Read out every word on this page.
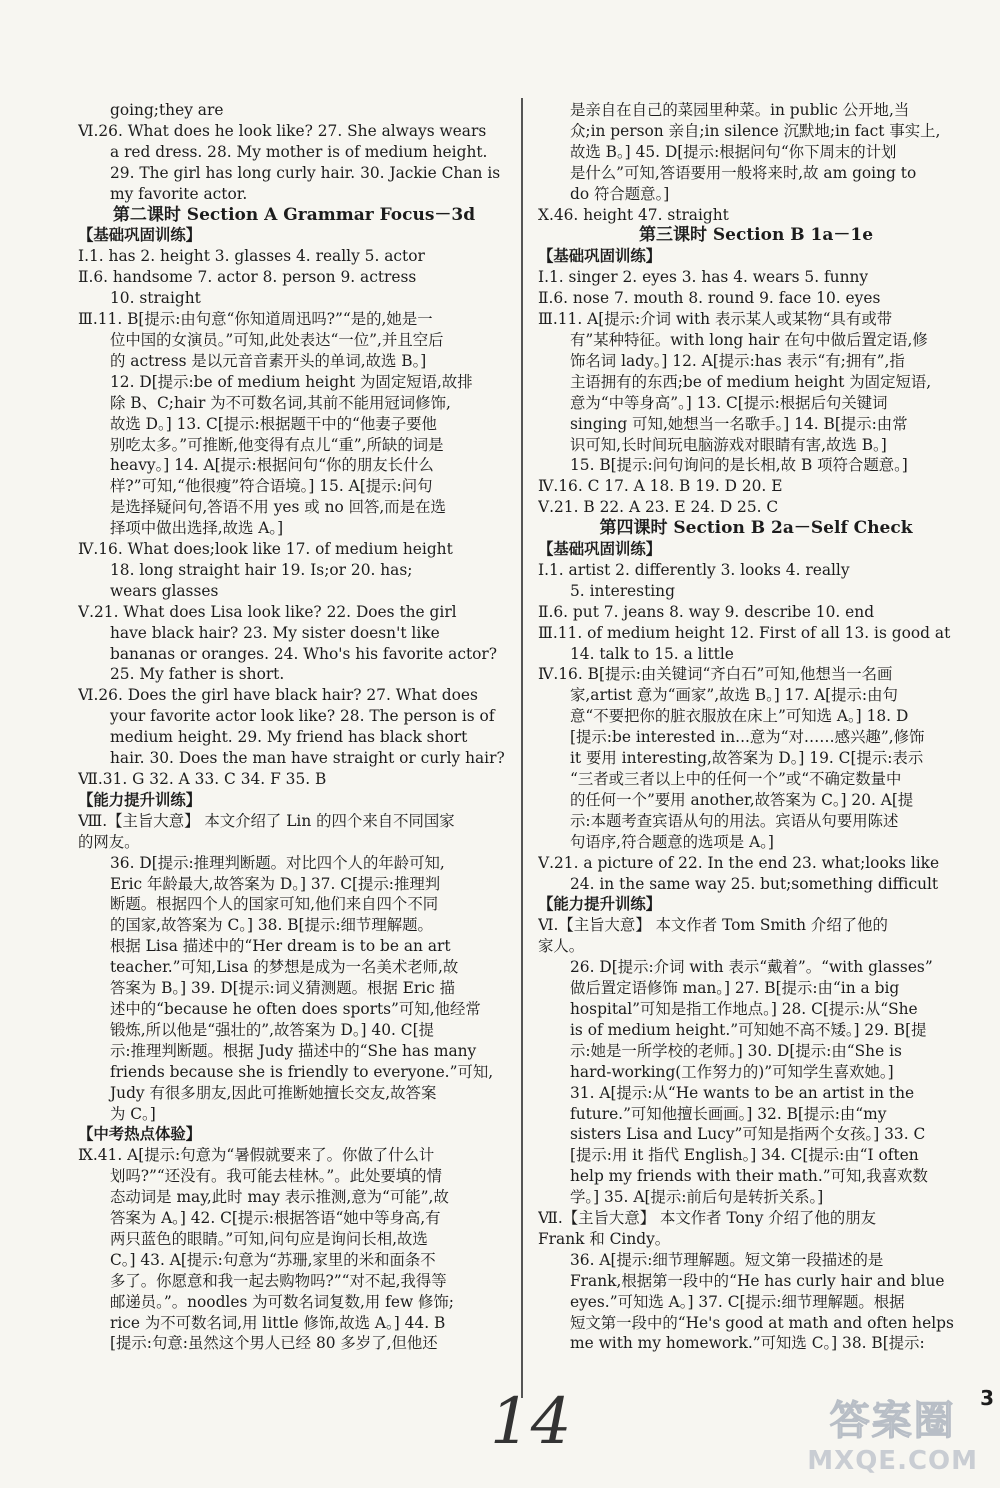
going;they are
Ⅵ.26. What does he look like? 27. She always wears
a red dress. 28. My mother is of medium height.
29. The girl has long curly hair. 30. Jackie Chan is
my favorite actor.
第二课时 Section A Grammar Focus－3d
【基础巩固训练】
Ⅰ.1. has 2. height 3. glasses 4. really 5. actor
Ⅱ.6. handsome 7. actor 8. person 9. actress
10. straight
Ⅲ.11. B[提示:由句意“你知道周迅吗?”“是的,她是一
位中国的女演员。”可知,此处表达“一位”,并且空后
的 actress 是以元音音素开头的单词,故选 B。]
12. D[提示:be of medium height 为固定短语,故排
除 B、C;hair 为不可数名词,其前不能用冠词修饰,
故选 D。] 13. C[提示:根据题干中的“他妻子要他
别吃太多。”可推断,他变得有点儿“重”,所缺的词是
heavy。] 14. A[提示:根据问句“你的朋友长什么
样?”可知,“他很瘦”符合语境。] 15. A[提示:问句
是选择疑问句,答语不用 yes 或 no 回答,而是在选
择项中做出选择,故选 A。]
Ⅳ.16. What does;look like 17. of medium height
18. long straight hair 19. Is;or 20. has;
wears glasses
Ⅴ.21. What does Lisa look like? 22. Does the girl
have black hair? 23. My sister doesn't like
bananas or oranges. 24. Who's his favorite actor?
25. My father is short.
Ⅵ.26. Does the girl have black hair? 27. What does
your favorite actor look like? 28. The person is of
medium height. 29. My friend has black short
hair. 30. Does the man have straight or curly hair?
Ⅶ.31. G 32. A 33. C 34. F 35. B
【能力提升训练】
Ⅷ.【主旨大意】 本文介绍了 Lin 的四个来自不同国家
的网友。
36. D[提示:推理判断题。对比四个人的年龄可知,
Eric 年龄最大,故答案为 D。] 37. C[提示:推理判
断题。根据四个人的国家可知,他们来自四个不同
的国家,故答案为 C。] 38. B[提示:细节理解题。
根据 Lisa 描述中的“Her dream is to be an art
teacher.”可知,Lisa 的梦想是成为一名美术老师,故
答案为 B。] 39. D[提示:词义猜测题。根据 Eric 描
述中的“because he often does sports”可知,他经常
锻炼,所以他是“强壮的”,故答案为 D。] 40. C[提
示:推理判断题。根据 Judy 描述中的“She has many
friends because she is friendly to everyone.”可知,
Judy 有很多朋友,因此可推断她擅长交友,故答案
为 C。]
【中考热点体验】
Ⅸ.41. A[提示:句意为“暑假就要来了。你做了什么计
划吗?”“还没有。我可能去桂林。”。此处要填的情
态动词是 may,此时 may 表示推测,意为“可能”,故
答案为 A。] 42. C[提示:根据答语“她中等身高,有
两只蓝色的眼睛。”可知,问句应是询问长相,故选
C。] 43. A[提示:句意为“苏珊,家里的米和面条不
多了。你愿意和我一起去购物吗?”“对不起,我得等
邮递员。”。noodles 为可数名词复数,用 few 修饰;
rice 为不可数名词,用 little 修饰,故选 A。] 44. B
[提示:句意:虽然这个男人已经 80 多岁了,但他还
是亲自在自己的菜园里种菜。in public 公开地,当
众;in person 亲自;in silence 沉默地;in fact 事实上,
故选 B。] 45. D[提示:根据问句“你下周末的计划
是什么”可知,答语要用一般将来时,故 am going to
do 符合题意。]
Ⅹ.46. height 47. straight
第三课时 Section B 1a－1e
【基础巩固训练】
Ⅰ.1. singer 2. eyes 3. has 4. wears 5. funny
Ⅱ.6. nose 7. mouth 8. round 9. face 10. eyes
Ⅲ.11. A[提示:介词 with 表示某人或某物“具有或带
有”某种特征。with long hair 在句中做后置定语,修
饰名词 lady。] 12. A[提示:has 表示“有;拥有”,指
主语拥有的东西;be of medium height 为固定短语,
意为“中等身高”。] 13. C[提示:根据后句关键词
singing 可知,她想当一名歌手。] 14. B[提示:由常
识可知,长时间玩电脑游戏对眼睛有害,故选 B。]
15. B[提示:问句询问的是长相,故 B 项符合题意。]
Ⅳ.16. C 17. A 18. B 19. D 20. E
Ⅴ.21. B 22. A 23. E 24. D 25. C
第四课时 Section B 2a－Self Check
【基础巩固训练】
Ⅰ.1. artist 2. differently 3. looks 4. really
5. interesting
Ⅱ.6. put 7. jeans 8. way 9. describe 10. end
Ⅲ.11. of medium height 12. First of all 13. is good at
14. talk to 15. a little
Ⅳ.16. B[提示:由关键词“齐白石”可知,他想当一名画
家,artist 意为“画家”,故选 B。] 17. A[提示:由句
意“不要把你的脏衣服放在床上”可知选 A。] 18. D
[提示:be interested in...意为“对……感兴趣”,修饰
it 要用 interesting,故答案为 D。] 19. C[提示:表示
“三者或三者以上中的任何一个”或“不确定数量中
的任何一个”要用 another,故答案为 C。] 20. A[提
示:本题考查宾语从句的用法。宾语从句要用陈述
句语序,符合题意的选项是 A。]
Ⅴ.21. a picture of 22. In the end 23. what;looks like
24. in the same way 25. but;something difficult
【能力提升训练】
Ⅵ.【主旨大意】 本文作者 Tom Smith 介绍了他的
家人。
26. D[提示:介词 with 表示“戴着”。“with glasses”
做后置定语修饰 man。] 27. B[提示:由“in a big
hospital”可知是指工作地点。] 28. C[提示:从“She
is of medium height.”可知她不高不矮。] 29. B[提
示:她是一所学校的老师。] 30. D[提示:由“She is
hard-working(工作努力的)”可知学生喜欢她。]
31. A[提示:从“He wants to be an artist in the
future.”可知他擅长画画。] 32. B[提示:由“my
sisters Lisa and Lucy”可知是指两个女孩。] 33. C
[提示:用 it 指代 English。] 34. C[提示:由“I often
help my friends with their math.”可知,我喜欢数
学。] 35. A[提示:前后句是转折关系。]
Ⅶ.【主旨大意】 本文作者 Tony 介绍了他的朋友
Frank 和 Cindy。
36. A[提示:细节理解题。短文第一段描述的是
Frank,根据第一段中的“He has curly hair and blue
eyes.”可知选 A。] 37. C[提示:细节理解题。根据
短文第一段中的“He's good at math and often helps
me with my homework.”可知选 C。] 38. B[提示:
14	3
答案圈
MXQE.COM
